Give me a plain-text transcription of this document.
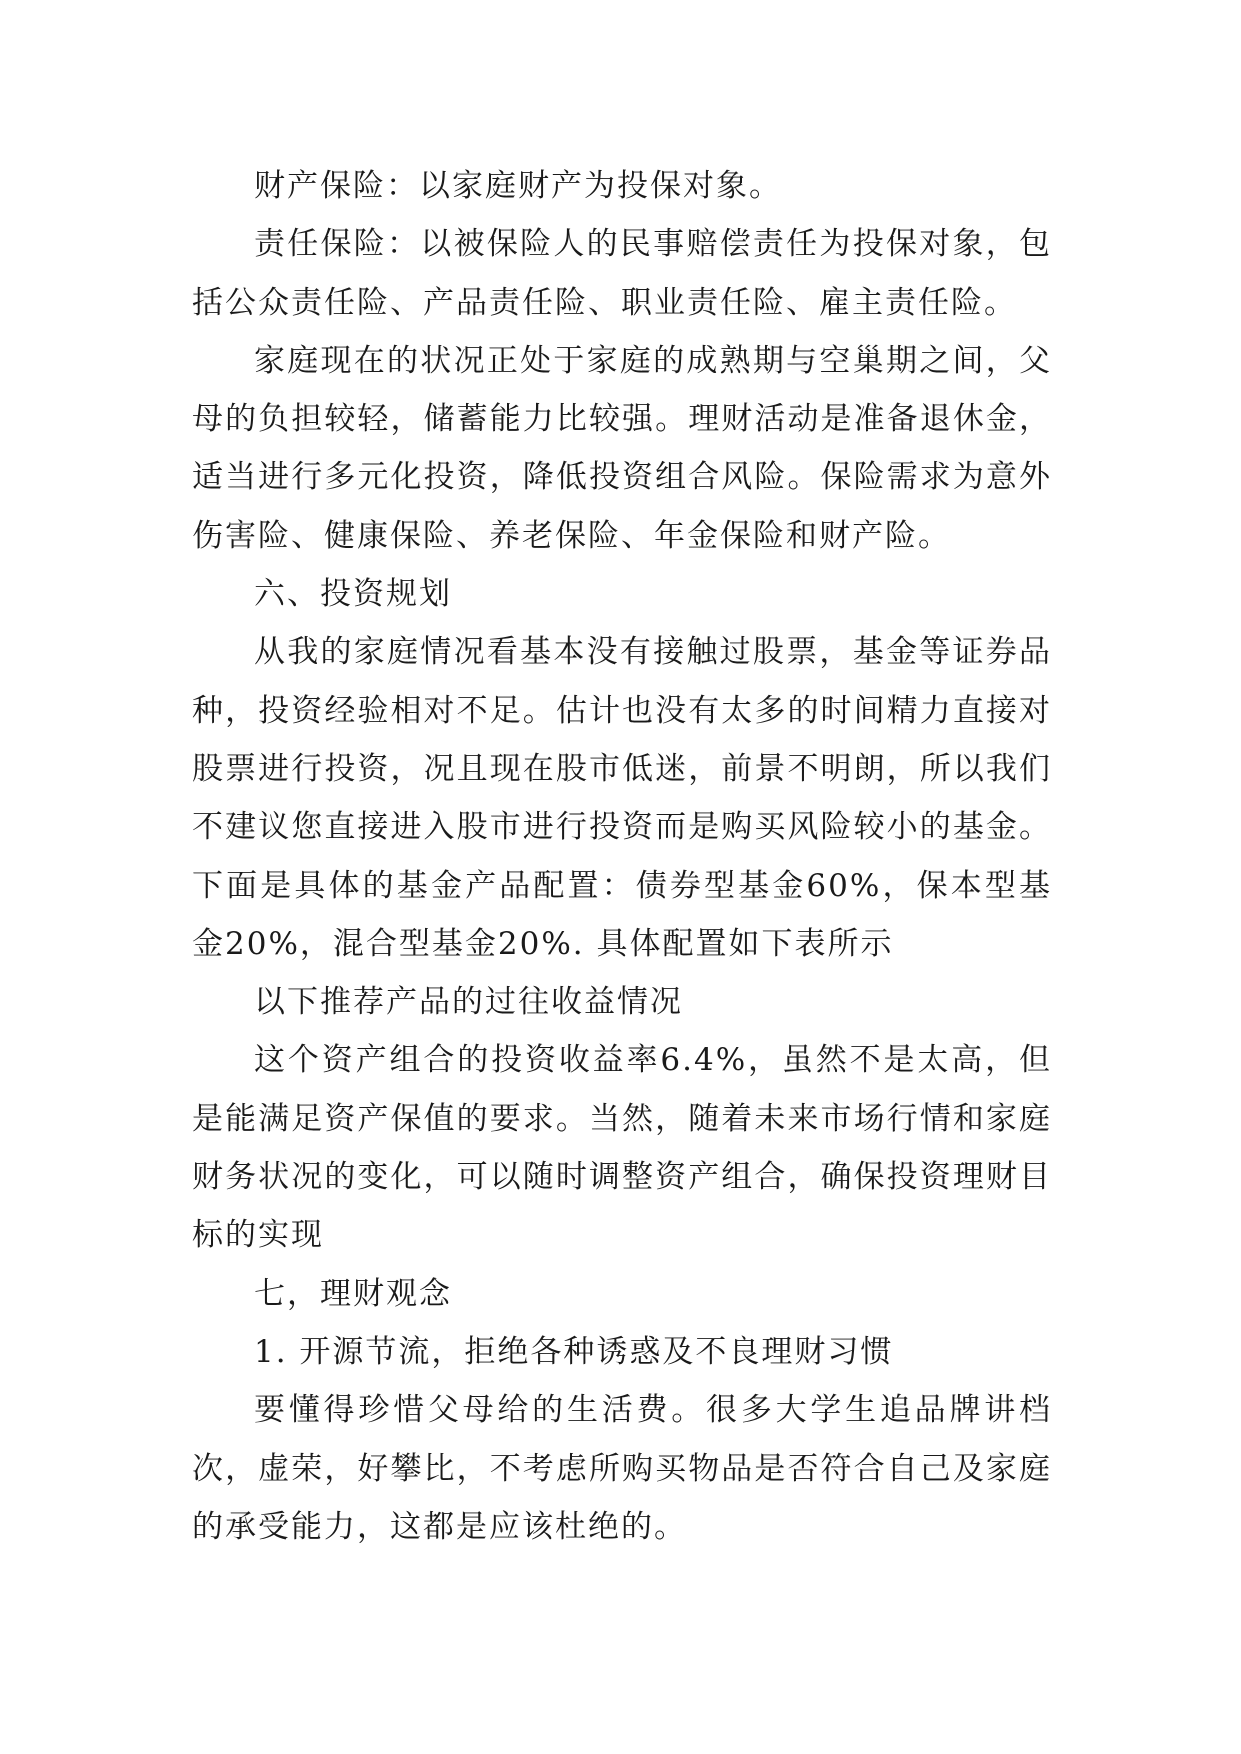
财产保险：以家庭财产为投保对象。

责任保险：以被保险人的民事赔偿责任为投保对象，包括公众责任险、产品责任险、职业责任险、雇主责任险。

家庭现在的状况正处于家庭的成熟期与空巢期之间，父母的负担较轻，储蓄能力比较强。理财活动是准备退休金，适当进行多元化投资，降低投资组合风险。保险需求为意外伤害险、健康保险、养老保险、年金保险和财产险。

六、投资规划

从我的家庭情况看基本没有接触过股票，基金等证券品种，投资经验相对不足。估计也没有太多的时间精力直接对股票进行投资，况且现在股市低迷，前景不明朗，所以我们不建议您直接进入股市进行投资而是购买风险较小的基金。下面是具体的基金产品配置：债券型基金60%，保本型基金20%，混合型基金20%. 具体配置如下表所示

以下推荐产品的过往收益情况

这个资产组合的投资收益率6.4%，虽然不是太高，但是能满足资产保值的要求。当然，随着未来市场行情和家庭财务状况的变化，可以随时调整资产组合，确保投资理财目标的实现

七，理财观念

1. 开源节流，拒绝各种诱惑及不良理财习惯

要懂得珍惜父母给的生活费。很多大学生追品牌讲档次，虚荣，好攀比，不考虑所购买物品是否符合自己及家庭的承受能力，这都是应该杜绝的。
